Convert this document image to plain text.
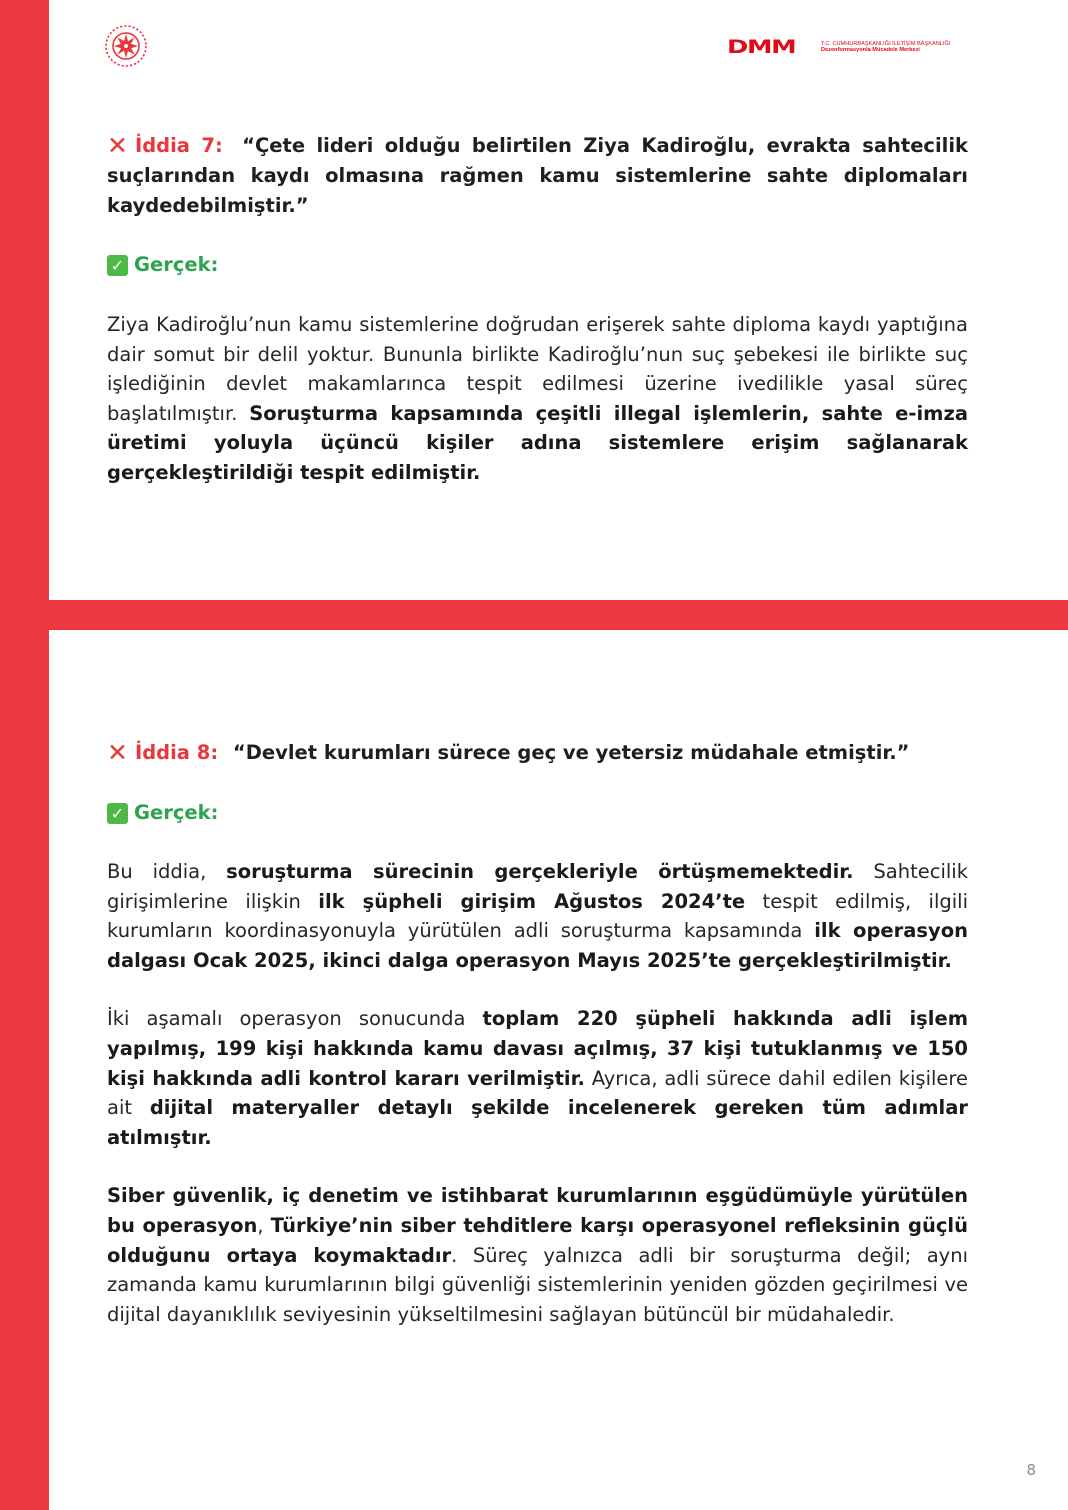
DMM	T.C. CUMHURBAŞKANLIĞI İLETİŞİM BAŞKANLIĞI
Dezenformasyonla Mücadele Merkezi

✕ İddia 7: “Çete lideri olduğu belirtilen Ziya Kadiroğlu, evrakta sahtecilik suçlarından kaydı olmasına rağmen kamu sistemlerine sahte diplomaları kaydedebilmiştir.”

✓ Gerçek:

Ziya Kadiroğlu’nun kamu sistemlerine doğrudan erişerek sahte diploma kaydı yaptığına dair somut bir delil yoktur. Bununla birlikte Kadiroğlu’nun suç şebekesi ile birlikte suç işlediğinin devlet makamlarınca tespit edilmesi üzerine ivedilikle yasal süreç başlatılmıştır. Soruşturma kapsamında çeşitli illegal işlemlerin, sahte e-imza üretimi yoluyla üçüncü kişiler adına sistemlere erişim sağlanarak gerçekleştirildiği tespit edilmiştir.

✕ İddia 8: “Devlet kurumları sürece geç ve yetersiz müdahale etmiştir.”

✓ Gerçek:

Bu iddia, soruşturma sürecinin gerçekleriyle örtüşmemektedir. Sahtecilik girişimlerine ilişkin ilk şüpheli girişim Ağustos 2024’te tespit edilmiş, ilgili kurumların koordinasyonuyla yürütülen adli soruşturma kapsamında ilk operasyon dalgası Ocak 2025, ikinci dalga operasyon Mayıs 2025’te gerçekleştirilmiştir.

İki aşamalı operasyon sonucunda toplam 220 şüpheli hakkında adli işlem yapılmış, 199 kişi hakkında kamu davası açılmış, 37 kişi tutuklanmış ve 150 kişi hakkında adli kontrol kararı verilmiştir. Ayrıca, adli sürece dahil edilen kişilere ait dijital materyaller detaylı şekilde incelenerek gereken tüm adımlar atılmıştır.

Siber güvenlik, iç denetim ve istihbarat kurumlarının eşgüdümüyle yürütülen bu operasyon, Türkiye’nin siber tehditlere karşı operasyonel refleksinin güçlü olduğunu ortaya koymaktadır. Süreç yalnızca adli bir soruşturma değil; aynı zamanda kamu kurumlarının bilgi güvenliği sistemlerinin yeniden gözden geçirilmesi ve dijital dayanıklılık seviyesinin yükseltilmesini sağlayan bütüncül bir müdahaledir.

8
